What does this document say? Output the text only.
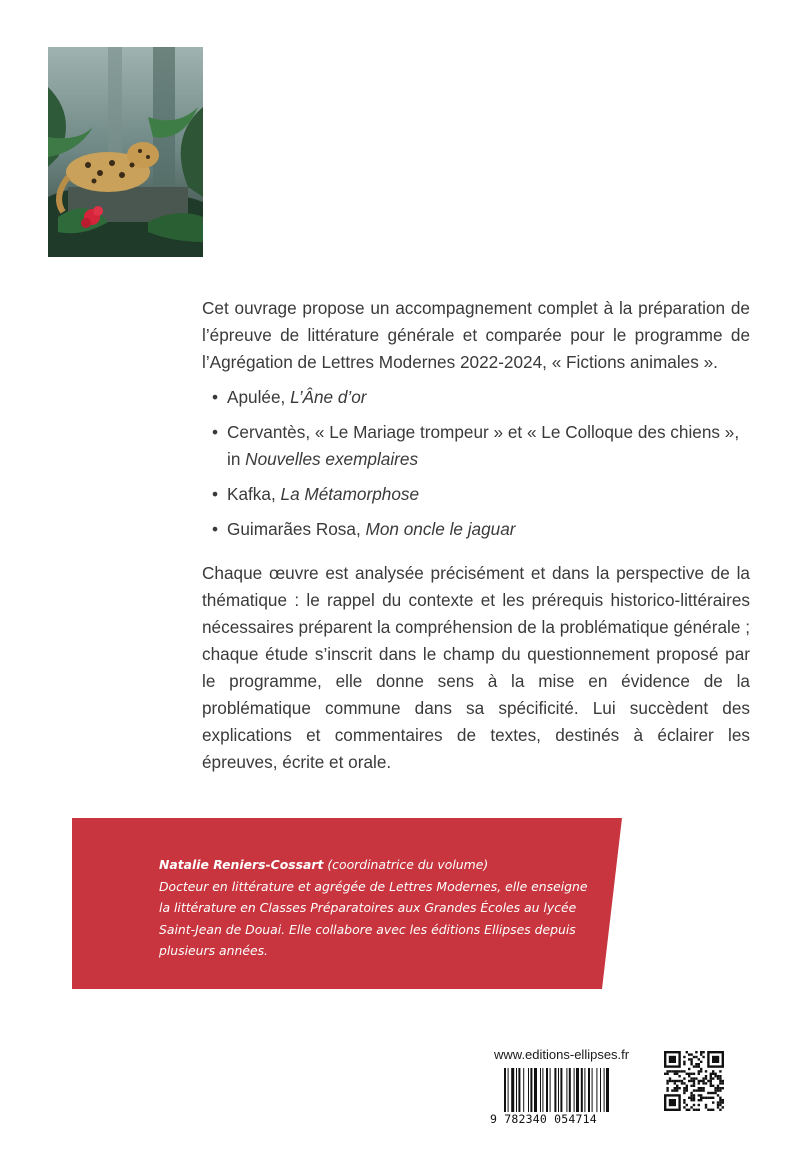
Cet ouvrage propose un accompagnement complet à la préparation de l’épreuve de littérature générale et comparée pour le programme de l’Agrégation de Lettres Modernes 2022-2024, « Fictions animales ».

• Apulée, L’Âne d’or
• Cervantès, « Le Mariage trompeur » et « Le Colloque des chiens », in Nouvelles exemplaires
• Kafka, La Métamorphose
• Guimarães Rosa, Mon oncle le jaguar

Chaque œuvre est analysée précisément et dans la perspective de la thématique : le rappel du contexte et les prérequis historico-littéraires nécessaires préparent la compréhension de la problématique générale ; chaque étude s’inscrit dans le champ du questionnement proposé par le programme, elle donne sens à la mise en évidence de la problématique commune dans sa spécificité. Lui succèdent des explications et commentaires de textes, destinés à éclairer les épreuves, écrite et orale.

Natalie Reniers-Cossart (coordinatrice du volume)
Docteur en littérature et agrégée de Lettres Modernes, elle enseigne la littérature en Classes Préparatoires aux Grandes Écoles au lycée Saint-Jean de Douai. Elle collabore avec les éditions Ellipses depuis plusieurs années.

www.editions-ellipses.fr
9 782340 054714
